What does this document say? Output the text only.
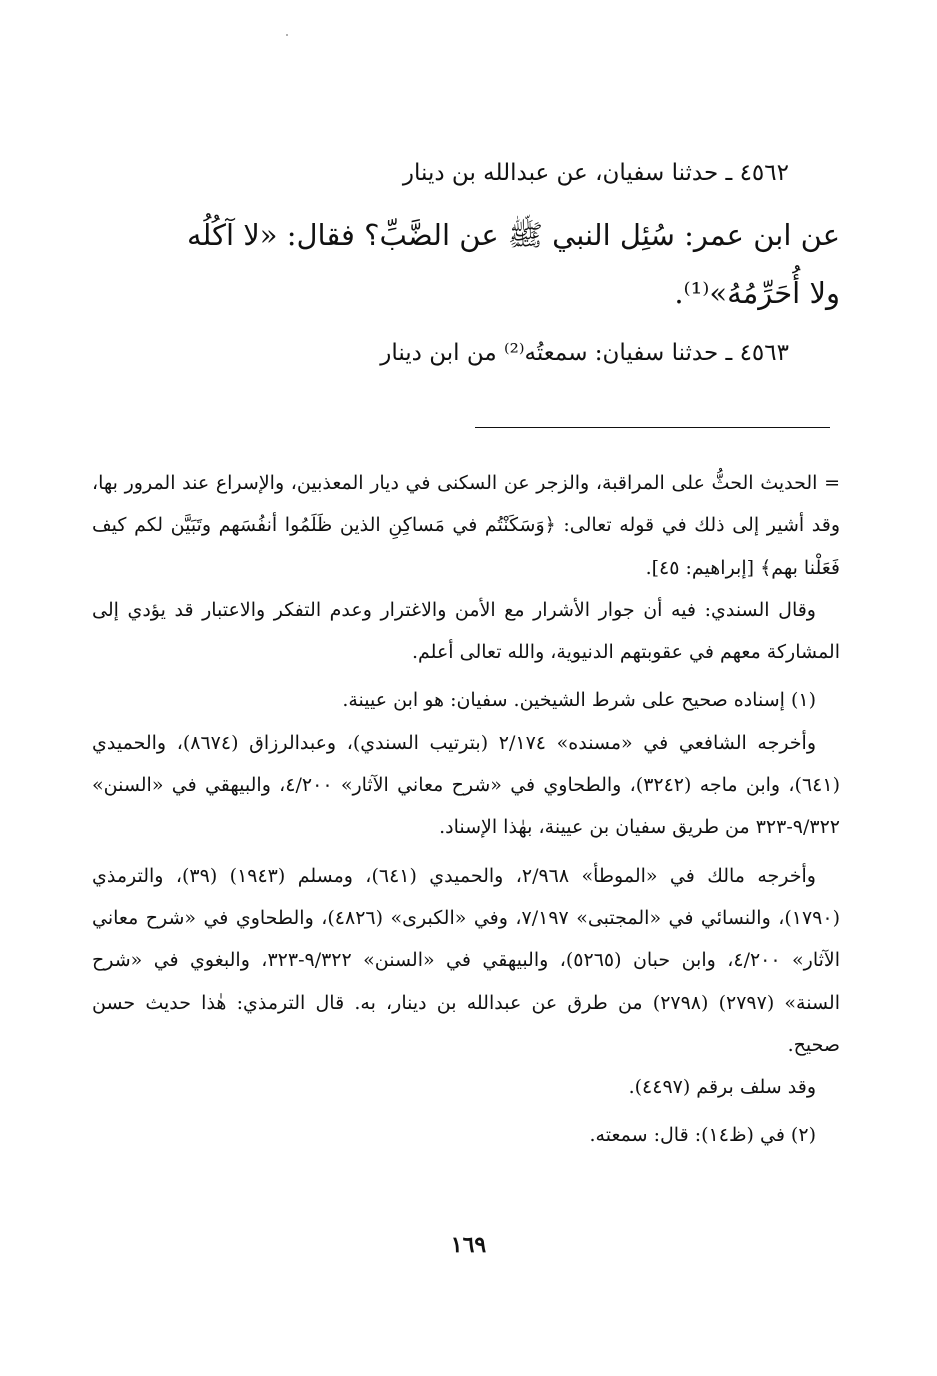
٤٥٦٢ ـ حدثنا سفيان، عن عبدالله بن دينار
عن ابن عمر: سُئِل النبي ﷺ عن الضَّبِّ؟ فقال: «لا آكُلُه
ولا أُحَرِّمُهُ»⁽¹⁾.
٤٥٦٣ ـ حدثنا سفيان: سمعتُه⁽²⁾ من ابن دينار

= الحديث الحثُّ على المراقبة، والزجر عن السكنى في ديار المعذبين، والإسراع عند المرور بها، وقد أشير إلى ذلك في قوله تعالى: ﴿وَسَكَنْتُم في مَساكِنِ الذين ظَلَمُوا أنفُسَهم وتَبَيَّن لكم كيف فَعَلْنا بهم﴾ [إبراهيم: ٤٥].

وقال السندي: فيه أن جوار الأشرار مع الأمن والاغترار وعدم التفكر والاعتبار قد يؤدي إلى المشاركة معهم في عقوبتهم الدنيوية، والله تعالى أعلم.

(١) إسناده صحيح على شرط الشيخين. سفيان: هو ابن عيينة.

وأخرجه الشافعي في «مسنده» ٢/١٧٤ (بترتيب السندي)، وعبدالرزاق (٨٦٧٤)، والحميدي (٦٤١)، وابن ماجه (٣٢٤٢)، والطحاوي في «شرح معاني الآثار» ٤/٢٠٠، والبيهقي في «السنن» ٩/٣٢٢-٣٢٣ من طريق سفيان بن عيينة، بهٰذا الإسناد.

وأخرجه مالك في «الموطأ» ٢/٩٦٨، والحميدي (٦٤١)، ومسلم (١٩٤٣) (٣٩)، والترمذي (١٧٩٠)، والنسائي في «المجتبى» ٧/١٩٧، وفي «الكبرى» (٤٨٢٦)، والطحاوي في «شرح معاني الآثار» ٤/٢٠٠، وابن حبان (٥٢٦٥)، والبيهقي في «السنن» ٩/٣٢٢-٣٢٣، والبغوي في «شرح السنة» (٢٧٩٧) (٢٧٩٨) من طرق عن عبدالله بن دينار، به. قال الترمذي: هٰذا حديث حسن صحيح.

وقد سلف برقم (٤٤٩٧).

(٢) في (ظ١٤): قال: سمعته.

١٦٩
